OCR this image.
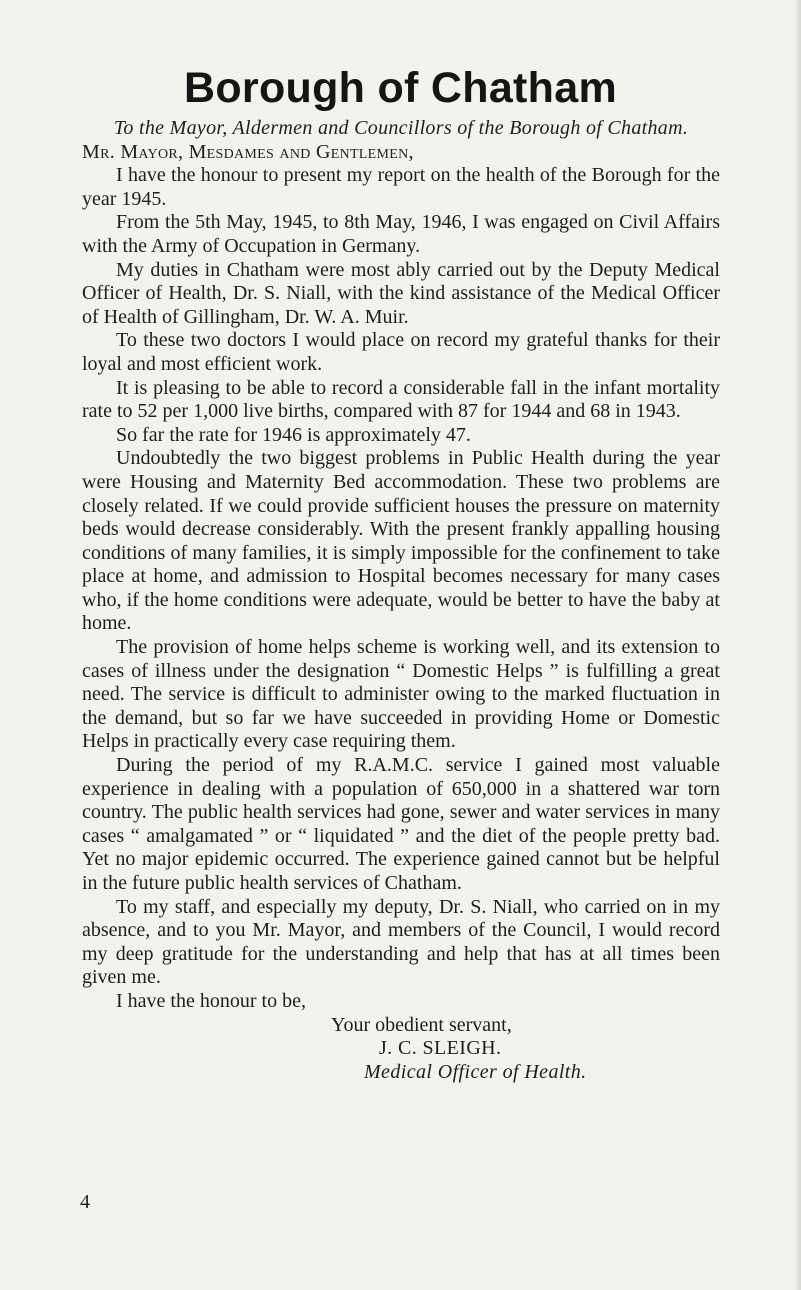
Borough of Chatham

To the Mayor, Aldermen and Councillors of the Borough of Chatham.

Mr. Mayor, Mesdames and Gentlemen,

I have the honour to present my report on the health of the Borough for the year 1945.

From the 5th May, 1945, to 8th May, 1946, I was engaged on Civil Affairs with the Army of Occupation in Germany.

My duties in Chatham were most ably carried out by the Deputy Medical Officer of Health, Dr. S. Niall, with the kind assistance of the Medical Officer of Health of Gillingham, Dr. W. A. Muir.

To these two doctors I would place on record my grateful thanks for their loyal and most efficient work.

It is pleasing to be able to record a considerable fall in the infant mortality rate to 52 per 1,000 live births, compared with 87 for 1944 and 68 in 1943.

So far the rate for 1946 is approximately 47.

Undoubtedly the two biggest problems in Public Health during the year were Housing and Maternity Bed accommodation. These two problems are closely related. If we could provide sufficient houses the pressure on maternity beds would decrease considerably. With the present frankly appalling housing conditions of many families, it is simply impossible for the confinement to take place at home, and admission to Hospital becomes necessary for many cases who, if the home conditions were adequate, would be better to have the baby at home.

The provision of home helps scheme is working well, and its extension to cases of illness under the designation “ Domestic Helps ” is fulfilling a great need. The service is difficult to administer owing to the marked fluctuation in the demand, but so far we have succeeded in providing Home or Domestic Helps in practically every case requiring them.

During the period of my R.A.M.C. service I gained most valuable experience in dealing with a population of 650,000 in a shattered war torn country. The public health services had gone, sewer and water services in many cases “ amalgamated ” or “ liquidated ” and the diet of the people pretty bad. Yet no major epidemic occurred. The experience gained cannot but be helpful in the future public health services of Chatham.

To my staff, and especially my deputy, Dr. S. Niall, who carried on in my absence, and to you Mr. Mayor, and members of the Council, I would record my deep gratitude for the understanding and help that has at all times been given me.

I have the honour to be,

Your obedient servant,

J. C. SLEIGH.

Medical Officer of Health.

4
